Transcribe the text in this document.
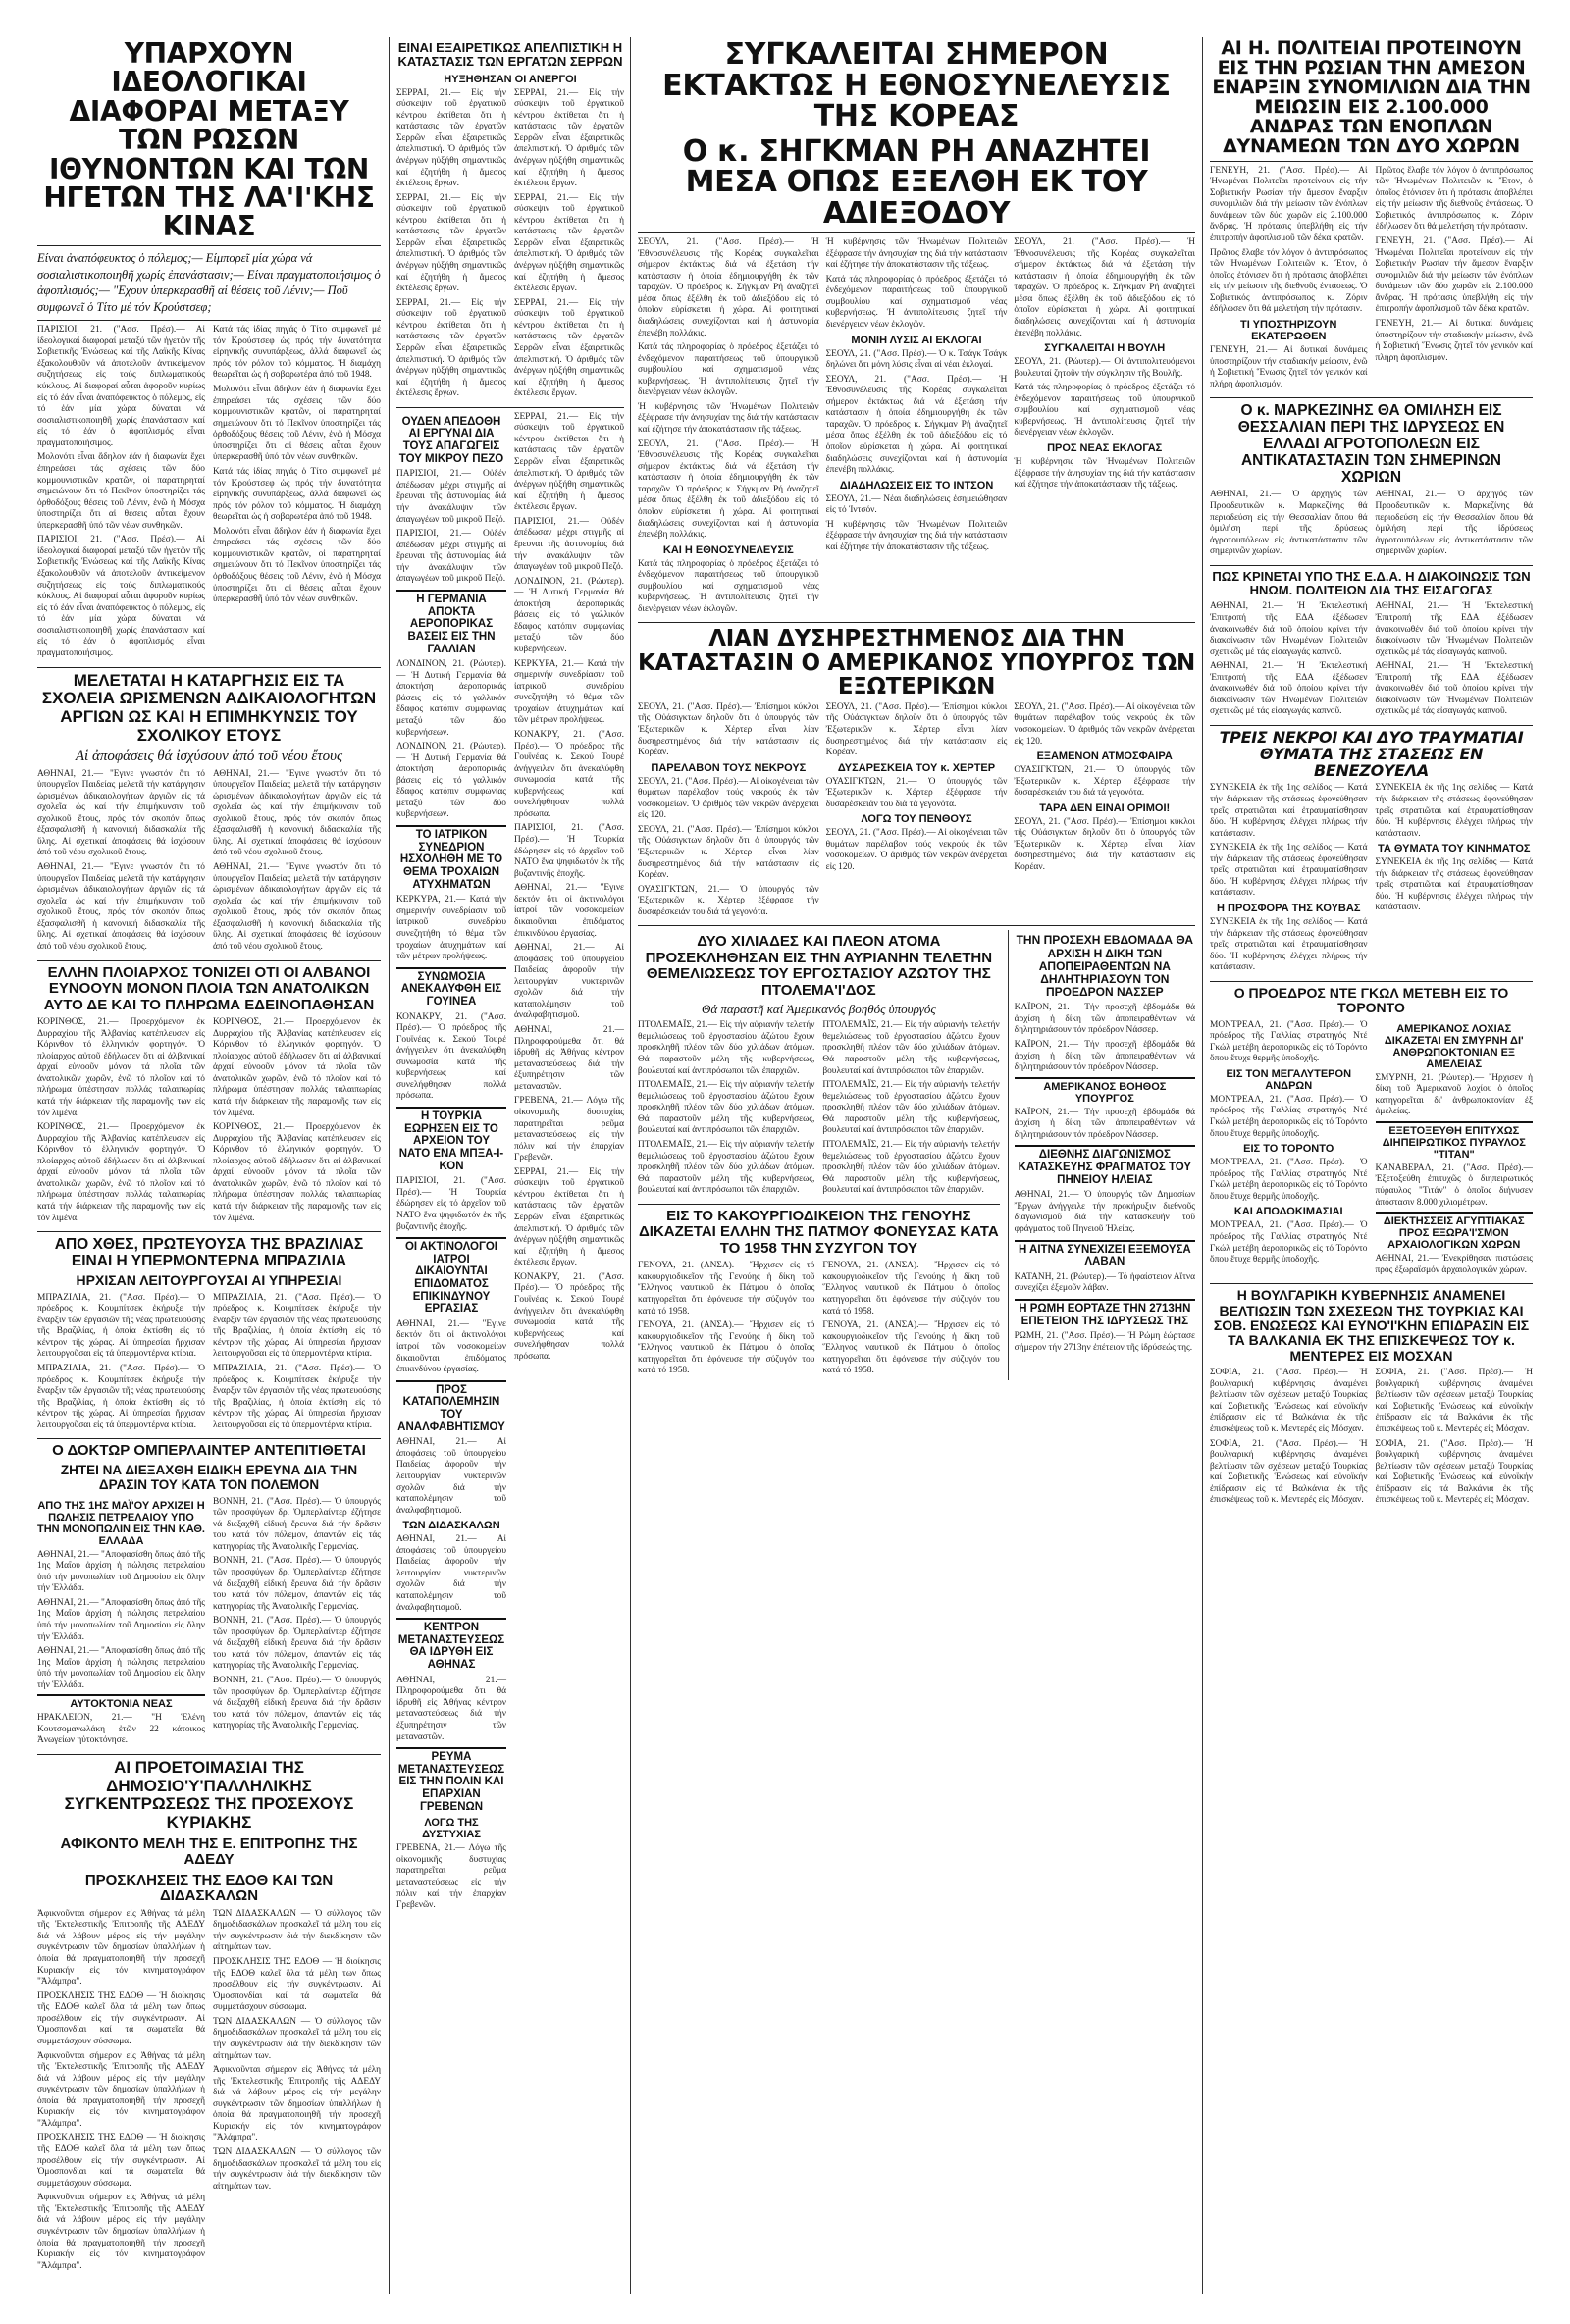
ΥΠΑΡΧΟΥΝ ΙΔΕΟΛΟΓΙΚΑΙ ΔΙΑΦΟΡΑΙ ΜΕΤΑΞΥ ΤΩΝ ΡΩΣΩΝ ΙΘΥΝΟΝΤΩΝ ΚΑΙ ΤΩΝ ΗΓΕΤΩΝ ΤΗΣ ΛΑ'Ι'ΚΗΣ ΚΙΝΑΣ
Είναι ἀναπόφευκτος ὁ πόλεμος;— Είμπορεῖ μία χώρα νά σοσιαλιστικοποιηθῆ χωρίς ἐπανάστασιν;— Είναι πραγματοποιήσιμος ὁ ἀφοπλισμός;— "Εχουν ὑπερκερασθῆ αἱ θέσεις τοῦ Λένιν;— Ποῦ συμφωνεῖ ὁ Τίτο μέ τόν Κρούστσεφ;

ΠΑΡΙΣΙΟΙ, 21. ("Ασσ. Πρέσ).— Αἱ ἰδεολογικαί διαφοραί μεταξύ τῶν ἡγετῶν τῆς Σοβιετικῆς Ἑνώσεως καί τῆς Λαϊκῆς Κίνας ἐξακολουθοῦν νά ἀποτελοῦν ἀντικείμενον συζητήσεως εἰς τούς διπλωματικούς κύκλους. Αἱ διαφοραί αὗται ἀφοροῦν κυρίως εἰς τό ἐάν εἶναι ἀναπόφευκτος ὁ πόλεμος, εἰς τό ἐάν μία χώρα δύναται νά σοσιαλιστικοποιηθῆ χωρίς ἐπανάστασιν καί εἰς τό ἐάν ὁ ἀφοπλισμός εἶναι πραγματοποιήσιμος.

Μολονότι εἶναι ἄδηλον ἐάν ἡ διαφωνία ἔχει ἐπηρεάσει τάς σχέσεις τῶν δύο κομμουνιστικῶν κρατῶν, οἱ παρατηρηταί σημειώνουν ὅτι τό Πεκῖνον ὑποστηρίζει τάς ὀρθοδόξους θέσεις τοῦ Λένιν, ἐνῶ ἡ Μόσχα ὑποστηρίζει ὅτι αἱ θέσεις αὗται ἔχουν ὑπερκερασθῆ ὑπό τῶν νέων συνθηκῶν.

ΠΑΡΙΣΙΟΙ, 21. ("Ασσ. Πρέσ).— Αἱ ἰδεολογικαί διαφοραί μεταξύ τῶν ἡγετῶν τῆς Σοβιετικῆς Ἑνώσεως καί τῆς Λαϊκῆς Κίνας ἐξακολουθοῦν νά ἀποτελοῦν ἀντικείμενον συζητήσεως εἰς τούς διπλωματικούς κύκλους. Αἱ διαφοραί αὗται ἀφοροῦν κυρίως εἰς τό ἐάν εἶναι ἀναπόφευκτος ὁ πόλεμος, εἰς τό ἐάν μία χώρα δύναται νά σοσιαλιστικοποιηθῆ χωρίς ἐπανάστασιν καί εἰς τό ἐάν ὁ ἀφοπλισμός εἶναι πραγματοποιήσιμος.

Κατά τάς ἰδίας πηγάς ὁ Τίτο συμφωνεῖ μέ τόν Κρούστσεφ ὡς πρός τήν δυνατότητα εἰρηνικῆς συνυπάρξεως, ἀλλά διαφωνεῖ ὡς πρός τόν ρόλον τοῦ κόμματος. Ἡ διαμάχη θεωρεῖται ὡς ἡ σοβαρωτέρα ἀπό τοῦ 1948.

Μολονότι εἶναι ἄδηλον ἐάν ἡ διαφωνία ἔχει ἐπηρεάσει τάς σχέσεις τῶν δύο κομμουνιστικῶν κρατῶν, οἱ παρατηρηταί σημειώνουν ὅτι τό Πεκῖνον ὑποστηρίζει τάς ὀρθοδόξους θέσεις τοῦ Λένιν, ἐνῶ ἡ Μόσχα ὑποστηρίζει ὅτι αἱ θέσεις αὗται ἔχουν ὑπερκερασθῆ ὑπό τῶν νέων συνθηκῶν.

Κατά τάς ἰδίας πηγάς ὁ Τίτο συμφωνεῖ μέ τόν Κρούστσεφ ὡς πρός τήν δυνατότητα εἰρηνικῆς συνυπάρξεως, ἀλλά διαφωνεῖ ὡς πρός τόν ρόλον τοῦ κόμματος. Ἡ διαμάχη θεωρεῖται ὡς ἡ σοβαρωτέρα ἀπό τοῦ 1948.

Μολονότι εἶναι ἄδηλον ἐάν ἡ διαφωνία ἔχει ἐπηρεάσει τάς σχέσεις τῶν δύο κομμουνιστικῶν κρατῶν, οἱ παρατηρηταί σημειώνουν ὅτι τό Πεκῖνον ὑποστηρίζει τάς ὀρθοδόξους θέσεις τοῦ Λένιν, ἐνῶ ἡ Μόσχα ὑποστηρίζει ὅτι αἱ θέσεις αὗται ἔχουν ὑπερκερασθῆ ὑπό τῶν νέων συνθηκῶν.

ΜΕΛΕΤΑΤΑΙ Η ΚΑΤΑΡΓΗΣΙΣ ΕΙΣ ΤΑ ΣΧΟΛΕΙΑ ΩΡΙΣΜΕΝΩΝ ΑΔΙΚΑΙΟΛΟΓΗΤΩΝ ΑΡΓΙΩΝ ΩΣ ΚΑΙ Η ΕΠΙΜΗΚΥΝΣΙΣ ΤΟΥ ΣΧΟΛΙΚΟΥ ΕΤΟΥΣ
Αἱ ἀποφάσεις θά ἰσχύσουν ἀπό τοῦ νέου ἔτους

ΑΘΗΝΑΙ, 21.— "Εγινε γνωστόν ὅτι τό ὑπουργεῖον Παιδείας μελετᾶ τήν κατάργησιν ὡρισμένων ἀδικαιολογήτων ἀργιῶν εἰς τά σχολεῖα ὡς καί τήν ἐπιμήκυνσιν τοῦ σχολικοῦ ἔτους, πρός τόν σκοπόν ὅπως ἐξασφαλισθῆ ἡ κανονική διδασκαλία τῆς ὕλης. Αἱ σχετικαί ἀποφάσεις θά ἰσχύσουν ἀπό τοῦ νέου σχολικοῦ ἔτους.

ΑΘΗΝΑΙ, 21.— "Εγινε γνωστόν ὅτι τό ὑπουργεῖον Παιδείας μελετᾶ τήν κατάργησιν ὡρισμένων ἀδικαιολογήτων ἀργιῶν εἰς τά σχολεῖα ὡς καί τήν ἐπιμήκυνσιν τοῦ σχολικοῦ ἔτους, πρός τόν σκοπόν ὅπως ἐξασφαλισθῆ ἡ κανονική διδασκαλία τῆς ὕλης. Αἱ σχετικαί ἀποφάσεις θά ἰσχύσουν ἀπό τοῦ νέου σχολικοῦ ἔτους.

ΑΘΗΝΑΙ, 21.— "Εγινε γνωστόν ὅτι τό ὑπουργεῖον Παιδείας μελετᾶ τήν κατάργησιν ὡρισμένων ἀδικαιολογήτων ἀργιῶν εἰς τά σχολεῖα ὡς καί τήν ἐπιμήκυνσιν τοῦ σχολικοῦ ἔτους, πρός τόν σκοπόν ὅπως ἐξασφαλισθῆ ἡ κανονική διδασκαλία τῆς ὕλης. Αἱ σχετικαί ἀποφάσεις θά ἰσχύσουν ἀπό τοῦ νέου σχολικοῦ ἔτους.

ΑΘΗΝΑΙ, 21.— "Εγινε γνωστόν ὅτι τό ὑπουργεῖον Παιδείας μελετᾶ τήν κατάργησιν ὡρισμένων ἀδικαιολογήτων ἀργιῶν εἰς τά σχολεῖα ὡς καί τήν ἐπιμήκυνσιν τοῦ σχολικοῦ ἔτους, πρός τόν σκοπόν ὅπως ἐξασφαλισθῆ ἡ κανονική διδασκαλία τῆς ὕλης. Αἱ σχετικαί ἀποφάσεις θά ἰσχύσουν ἀπό τοῦ νέου σχολικοῦ ἔτους.

ΕΛΛΗΝ ΠΛΟΙΑΡΧΟΣ ΤΟΝΙΖΕΙ ΟΤΙ ΟΙ ΑΛΒΑΝΟΙ ΕΥΝΟΟΥΝ ΜΟΝΟΝ ΠΛΟΙΑ ΤΩΝ ΑΝΑΤΟΛΙΚΩΝ ΑΥΤΟ ΔΕ ΚΑΙ ΤΟ ΠΛΗΡΩΜΑ ΕΔΕΙΝΟΠΑΘΗΣΑΝ

ΚΟΡΙΝΘΟΣ, 21.— Προερχόμενον ἐκ Δυρραχίου τῆς Ἀλβανίας κατέπλευσεν εἰς Κόρινθον τό ἑλληνικόν φορτηγόν. Ὁ πλοίαρχος αὐτοῦ ἐδήλωσεν ὅτι αἱ ἀλβανικαί ἀρχαί εὐνοοῦν μόνον τά πλοῖα τῶν ἀνατολικῶν χωρῶν, ἐνῶ τό πλοῖον καί τό πλήρωμα ὑπέστησαν πολλάς ταλαιπωρίας κατά τήν διάρκειαν τῆς παραμονῆς των εἰς τόν λιμένα.

ΚΟΡΙΝΘΟΣ, 21.— Προερχόμενον ἐκ Δυρραχίου τῆς Ἀλβανίας κατέπλευσεν εἰς Κόρινθον τό ἑλληνικόν φορτηγόν. Ὁ πλοίαρχος αὐτοῦ ἐδήλωσεν ὅτι αἱ ἀλβανικαί ἀρχαί εὐνοοῦν μόνον τά πλοῖα τῶν ἀνατολικῶν χωρῶν, ἐνῶ τό πλοῖον καί τό πλήρωμα ὑπέστησαν πολλάς ταλαιπωρίας κατά τήν διάρκειαν τῆς παραμονῆς των εἰς τόν λιμένα.

ΚΟΡΙΝΘΟΣ, 21.— Προερχόμενον ἐκ Δυρραχίου τῆς Ἀλβανίας κατέπλευσεν εἰς Κόρινθον τό ἑλληνικόν φορτηγόν. Ὁ πλοίαρχος αὐτοῦ ἐδήλωσεν ὅτι αἱ ἀλβανικαί ἀρχαί εὐνοοῦν μόνον τά πλοῖα τῶν ἀνατολικῶν χωρῶν, ἐνῶ τό πλοῖον καί τό πλήρωμα ὑπέστησαν πολλάς ταλαιπωρίας κατά τήν διάρκειαν τῆς παραμονῆς των εἰς τόν λιμένα.

ΚΟΡΙΝΘΟΣ, 21.— Προερχόμενον ἐκ Δυρραχίου τῆς Ἀλβανίας κατέπλευσεν εἰς Κόρινθον τό ἑλληνικόν φορτηγόν. Ὁ πλοίαρχος αὐτοῦ ἐδήλωσεν ὅτι αἱ ἀλβανικαί ἀρχαί εὐνοοῦν μόνον τά πλοῖα τῶν ἀνατολικῶν χωρῶν, ἐνῶ τό πλοῖον καί τό πλήρωμα ὑπέστησαν πολλάς ταλαιπωρίας κατά τήν διάρκειαν τῆς παραμονῆς των εἰς τόν λιμένα.

ΑΠΟ ΧΘΕΣ, ΠΡΩΤΕΥΟΥΣΑ ΤΗΣ ΒΡΑΖΙΛΙΑΣ ΕΙΝΑΙ Η ΥΠΕΡΜΟΝΤΕΡΝΑ ΜΠΡΑΖΙΛΙΑ
ΗΡΧΙΣΑΝ ΛΕΙΤΟΥΡΓΟΥΣΑΙ ΑΙ ΥΠΗΡΕΣΙΑΙ

ΜΠΡΑΖΙΛΙΑ, 21. ("Ασσ. Πρέσ).— Ὁ πρόεδρος κ. Κουμπίτσεκ ἐκήρυξε τήν ἔναρξιν τῶν ἐργασιῶν τῆς νέας πρωτευούσης τῆς Βραζιλίας, ἡ ὁποία ἐκτίσθη εἰς τό κέντρον τῆς χώρας. Αἱ ὑπηρεσίαι ἤρχισαν λειτουργοῦσαι εἰς τά ὑπερμοντέρνα κτίρια.

ΜΠΡΑΖΙΛΙΑ, 21. ("Ασσ. Πρέσ).— Ὁ πρόεδρος κ. Κουμπίτσεκ ἐκήρυξε τήν ἔναρξιν τῶν ἐργασιῶν τῆς νέας πρωτευούσης τῆς Βραζιλίας, ἡ ὁποία ἐκτίσθη εἰς τό κέντρον τῆς χώρας. Αἱ ὑπηρεσίαι ἤρχισαν λειτουργοῦσαι εἰς τά ὑπερμοντέρνα κτίρια.

ΜΠΡΑΖΙΛΙΑ, 21. ("Ασσ. Πρέσ).— Ὁ πρόεδρος κ. Κουμπίτσεκ ἐκήρυξε τήν ἔναρξιν τῶν ἐργασιῶν τῆς νέας πρωτευούσης τῆς Βραζιλίας, ἡ ὁποία ἐκτίσθη εἰς τό κέντρον τῆς χώρας. Αἱ ὑπηρεσίαι ἤρχισαν λειτουργοῦσαι εἰς τά ὑπερμοντέρνα κτίρια.

ΜΠΡΑΖΙΛΙΑ, 21. ("Ασσ. Πρέσ).— Ὁ πρόεδρος κ. Κουμπίτσεκ ἐκήρυξε τήν ἔναρξιν τῶν ἐργασιῶν τῆς νέας πρωτευούσης τῆς Βραζιλίας, ἡ ὁποία ἐκτίσθη εἰς τό κέντρον τῆς χώρας. Αἱ ὑπηρεσίαι ἤρχισαν λειτουργοῦσαι εἰς τά ὑπερμοντέρνα κτίρια.

Ο ΔΟΚΤΩΡ ΟΜΠΕΡΛΑΙΝΤΕΡ ΑΝΤΕΠΙΤΙΘΕΤΑΙ
ΖΗΤΕΙ ΝΑ ΔΙΕΞΑΧΘΗ ΕΙΔΙΚΗ ΕΡΕΥΝΑ ΔΙΑ ΤΗΝ ΔΡΑΣΙΝ ΤΟΥ ΚΑΤΑ ΤΟΝ ΠΟΛΕΜΟΝ
ΑΠΟ ΤΗΣ 1ΗΣ ΜΑΪ'ΟΥ ΑΡΧΙΖΕΙ Η ΠΩΛΗΣΙΣ ΠΕΤΡΕΛΑΙΟΥ ΥΠΟ ΤΗΝ ΜΟΝΟΠΩΛΙΝ ΕΙΣ ΤΗΝ ΚΑΘ. ΕΛΛΑΔΑ

ΑΘΗΝΑΙ, 21.— "Αποφασίσθη ὅπως ἀπό τῆς 1ης Μαΐου ἀρχίση ἡ πώλησις πετρελαίου ὑπό τήν μονοπωλίαν τοῦ Δημοσίου εἰς ὅλην τήν Ἑλλάδα.

ΑΘΗΝΑΙ, 21.— "Αποφασίσθη ὅπως ἀπό τῆς 1ης Μαΐου ἀρχίση ἡ πώλησις πετρελαίου ὑπό τήν μονοπωλίαν τοῦ Δημοσίου εἰς ὅλην τήν Ἑλλάδα.

ΑΘΗΝΑΙ, 21.— "Αποφασίσθη ὅπως ἀπό τῆς 1ης Μαΐου ἀρχίση ἡ πώλησις πετρελαίου ὑπό τήν μονοπωλίαν τοῦ Δημοσίου εἰς ὅλην τήν Ἑλλάδα.

ΑΥΤΟΚΤΟΝΙΑ ΝΕΑΣ

ΗΡΑΚΛΕΙΟΝ, 21.— "Η Ἑλένη Κουτσομανωλάκη ἐτῶν 22 κάτοικος Ἀνωγείων ηὐτοκτόνησε.

ΒΟΝΝΗ, 21. ("Ασσ. Πρέσ).— Ὁ ὑπουργός τῶν προσφύγων δρ. Ὀμπερλαίντερ ἐζήτησε νά διεξαχθῆ εἰδική ἔρευνα διά τήν δρᾶσιν του κατά τόν πόλεμον, ἀπαντῶν εἰς τάς κατηγορίας τῆς Ἀνατολικῆς Γερμανίας.

ΒΟΝΝΗ, 21. ("Ασσ. Πρέσ).— Ὁ ὑπουργός τῶν προσφύγων δρ. Ὀμπερλαίντερ ἐζήτησε νά διεξαχθῆ εἰδική ἔρευνα διά τήν δρᾶσιν του κατά τόν πόλεμον, ἀπαντῶν εἰς τάς κατηγορίας τῆς Ἀνατολικῆς Γερμανίας.

ΒΟΝΝΗ, 21. ("Ασσ. Πρέσ).— Ὁ ὑπουργός τῶν προσφύγων δρ. Ὀμπερλαίντερ ἐζήτησε νά διεξαχθῆ εἰδική ἔρευνα διά τήν δρᾶσιν του κατά τόν πόλεμον, ἀπαντῶν εἰς τάς κατηγορίας τῆς Ἀνατολικῆς Γερμανίας.

ΒΟΝΝΗ, 21. ("Ασσ. Πρέσ).— Ὁ ὑπουργός τῶν προσφύγων δρ. Ὀμπερλαίντερ ἐζήτησε νά διεξαχθῆ εἰδική ἔρευνα διά τήν δρᾶσιν του κατά τόν πόλεμον, ἀπαντῶν εἰς τάς κατηγορίας τῆς Ἀνατολικῆς Γερμανίας.

ΑΙ ΠΡΟΕΤΟΙΜΑΣΙΑΙ ΤΗΣ ΔΗΜΟΣΙΟ'Υ'ΠΑΛΛΗΛΙΚΗΣ ΣΥΓΚΕΝΤΡΩΣΕΩΣ ΤΗΣ ΠΡΟΣΕΧΟΥΣ ΚΥΡΙΑΚΗΣ
ΑΦΙΚΟΝΤΟ ΜΕΛΗ ΤΗΣ Ε. ΕΠΙΤΡΟΠΗΣ ΤΗΣ ΑΔΕΔΥ
ΠΡΟΣΚΛΗΣΕΙΣ ΤΗΣ ΕΔΟΘ ΚΑΙ ΤΩΝ ΔΙΔΑΣΚΑΛΩΝ

Ἀφικνοῦνται σήμερον εἰς Ἀθήνας τά μέλη τῆς Ἐκτελεστικῆς Ἐπιτροπῆς τῆς ΑΔΕΔΥ διά νά λάβουν μέρος εἰς τήν μεγάλην συγκέντρωσιν τῶν δημοσίων ὑπαλλήλων ἡ ὁποία θά πραγματοποιηθῆ τήν προσεχῆ Κυριακήν εἰς τόν κινηματογράφον "Ἀλάμπρα".

ΠΡΟΣΚΛΗΣΙΣ ΤΗΣ ΕΔΟΘ — Ἡ διοίκησις τῆς ΕΔΟΘ καλεῖ ὅλα τά μέλη των ὅπως προσέλθουν εἰς τήν συγκέντρωσιν. Αἱ Ὁμοσπονδίαι καί τά σωματεῖα θά συμμετάσχουν σύσσωμα.

Ἀφικνοῦνται σήμερον εἰς Ἀθήνας τά μέλη τῆς Ἐκτελεστικῆς Ἐπιτροπῆς τῆς ΑΔΕΔΥ διά νά λάβουν μέρος εἰς τήν μεγάλην συγκέντρωσιν τῶν δημοσίων ὑπαλλήλων ἡ ὁποία θά πραγματοποιηθῆ τήν προσεχῆ Κυριακήν εἰς τόν κινηματογράφον "Ἀλάμπρα".

ΠΡΟΣΚΛΗΣΙΣ ΤΗΣ ΕΔΟΘ — Ἡ διοίκησις τῆς ΕΔΟΘ καλεῖ ὅλα τά μέλη των ὅπως προσέλθουν εἰς τήν συγκέντρωσιν. Αἱ Ὁμοσπονδίαι καί τά σωματεῖα θά συμμετάσχουν σύσσωμα.

Ἀφικνοῦνται σήμερον εἰς Ἀθήνας τά μέλη τῆς Ἐκτελεστικῆς Ἐπιτροπῆς τῆς ΑΔΕΔΥ διά νά λάβουν μέρος εἰς τήν μεγάλην συγκέντρωσιν τῶν δημοσίων ὑπαλλήλων ἡ ὁποία θά πραγματοποιηθῆ τήν προσεχῆ Κυριακήν εἰς τόν κινηματογράφον "Ἀλάμπρα".

ΤΩΝ ΔΙΔΑΣΚΑΛΩΝ — Ὁ σύλλογος τῶν δημοδιδασκάλων προσκαλεῖ τά μέλη του εἰς τήν συγκέντρωσιν διά τήν διεκδίκησιν τῶν αἰτημάτων των.

ΠΡΟΣΚΛΗΣΙΣ ΤΗΣ ΕΔΟΘ — Ἡ διοίκησις τῆς ΕΔΟΘ καλεῖ ὅλα τά μέλη των ὅπως προσέλθουν εἰς τήν συγκέντρωσιν. Αἱ Ὁμοσπονδίαι καί τά σωματεῖα θά συμμετάσχουν σύσσωμα.

ΤΩΝ ΔΙΔΑΣΚΑΛΩΝ — Ὁ σύλλογος τῶν δημοδιδασκάλων προσκαλεῖ τά μέλη του εἰς τήν συγκέντρωσιν διά τήν διεκδίκησιν τῶν αἰτημάτων των.

Ἀφικνοῦνται σήμερον εἰς Ἀθήνας τά μέλη τῆς Ἐκτελεστικῆς Ἐπιτροπῆς τῆς ΑΔΕΔΥ διά νά λάβουν μέρος εἰς τήν μεγάλην συγκέντρωσιν τῶν δημοσίων ὑπαλλήλων ἡ ὁποία θά πραγματοποιηθῆ τήν προσεχῆ Κυριακήν εἰς τόν κινηματογράφον "Ἀλάμπρα".

ΤΩΝ ΔΙΔΑΣΚΑΛΩΝ — Ὁ σύλλογος τῶν δημοδιδασκάλων προσκαλεῖ τά μέλη του εἰς τήν συγκέντρωσιν διά τήν διεκδίκησιν τῶν αἰτημάτων των.

ΕΙΝΑΙ ΕΞΑΙΡΕΤΙΚΩΣ ΑΠΕΛΠΙΣΤΙΚΗ Η ΚΑΤΑΣΤΑΣΙΣ ΤΩΝ ΕΡΓΑΤΩΝ ΣΕΡΡΩΝ
ΗΥΞΗΘΗΣΑΝ ΟΙ ΑΝΕΡΓΟΙ

ΣΕΡΡΑΙ, 21.— Εἰς τήν σύσκεψιν τοῦ ἐργατικοῦ κέντρου ἐκτίθεται ὅτι ἡ κατάστασις τῶν ἐργατῶν Σερρῶν εἶναι ἐξαιρετικῶς ἀπελπιστική. Ὁ ἀριθμός τῶν ἀνέργων ηὐξήθη σημαντικῶς καί ἐζητήθη ἡ ἄμεσος ἐκτέλεσις ἔργων.

ΣΕΡΡΑΙ, 21.— Εἰς τήν σύσκεψιν τοῦ ἐργατικοῦ κέντρου ἐκτίθεται ὅτι ἡ κατάστασις τῶν ἐργατῶν Σερρῶν εἶναι ἐξαιρετικῶς ἀπελπιστική. Ὁ ἀριθμός τῶν ἀνέργων ηὐξήθη σημαντικῶς καί ἐζητήθη ἡ ἄμεσος ἐκτέλεσις ἔργων.

ΣΕΡΡΑΙ, 21.— Εἰς τήν σύσκεψιν τοῦ ἐργατικοῦ κέντρου ἐκτίθεται ὅτι ἡ κατάστασις τῶν ἐργατῶν Σερρῶν εἶναι ἐξαιρετικῶς ἀπελπιστική. Ὁ ἀριθμός τῶν ἀνέργων ηὐξήθη σημαντικῶς καί ἐζητήθη ἡ ἄμεσος ἐκτέλεσις ἔργων.

ΣΕΡΡΑΙ, 21.— Εἰς τήν σύσκεψιν τοῦ ἐργατικοῦ κέντρου ἐκτίθεται ὅτι ἡ κατάστασις τῶν ἐργατῶν Σερρῶν εἶναι ἐξαιρετικῶς ἀπελπιστική. Ὁ ἀριθμός τῶν ἀνέργων ηὐξήθη σημαντικῶς καί ἐζητήθη ἡ ἄμεσος ἐκτέλεσις ἔργων.

ΣΕΡΡΑΙ, 21.— Εἰς τήν σύσκεψιν τοῦ ἐργατικοῦ κέντρου ἐκτίθεται ὅτι ἡ κατάστασις τῶν ἐργατῶν Σερρῶν εἶναι ἐξαιρετικῶς ἀπελπιστική. Ὁ ἀριθμός τῶν ἀνέργων ηὐξήθη σημαντικῶς καί ἐζητήθη ἡ ἄμεσος ἐκτέλεσις ἔργων.

ΣΕΡΡΑΙ, 21.— Εἰς τήν σύσκεψιν τοῦ ἐργατικοῦ κέντρου ἐκτίθεται ὅτι ἡ κατάστασις τῶν ἐργατῶν Σερρῶν εἶναι ἐξαιρετικῶς ἀπελπιστική. Ὁ ἀριθμός τῶν ἀνέργων ηὐξήθη σημαντικῶς καί ἐζητήθη ἡ ἄμεσος ἐκτέλεσις ἔργων.

ΟΥΔΕΝ ΑΠΕΔΟΘΗ ΑΙ ΕΡΓΥΝΑΙ ΔΙΑ ΤΟΥΣ ΑΠΑΓΩΓΕΙΣ ΤΟΥ ΜΙΚΡΟΥ ΠΕΖΟ

ΠΑΡΙΣΙΟΙ, 21.— Οὐδέν ἀπέδωσαν μέχρι στιγμῆς αἱ ἔρευναι τῆς ἀστυνομίας διά τήν ἀνακάλυψιν τῶν ἀπαγωγέων τοῦ μικροῦ Πεζό.

ΠΑΡΙΣΙΟΙ, 21.— Οὐδέν ἀπέδωσαν μέχρι στιγμῆς αἱ ἔρευναι τῆς ἀστυνομίας διά τήν ἀνακάλυψιν τῶν ἀπαγωγέων τοῦ μικροῦ Πεζό.

Η ΓΕΡΜΑΝΙΑ ΑΠΟΚΤΑ ΑΕΡΟΠΟΡΙΚΑΣ ΒΑΣΕΙΣ ΕΙΣ ΤΗΝ ΓΑΛΛΙΑΝ

ΛΟΝΔΙΝΟΝ, 21. (Ρώυτερ).— Ἡ Δυτική Γερμανία θά ἀποκτήση ἀεροπορικάς βάσεις εἰς τό γαλλικόν ἔδαφος κατόπιν συμφωνίας μεταξύ τῶν δύο κυβερνήσεων.

ΛΟΝΔΙΝΟΝ, 21. (Ρώυτερ).— Ἡ Δυτική Γερμανία θά ἀποκτήση ἀεροπορικάς βάσεις εἰς τό γαλλικόν ἔδαφος κατόπιν συμφωνίας μεταξύ τῶν δύο κυβερνήσεων.

ΤΟ ΙΑΤΡΙΚΟΝ ΣΥΝΕΔΡΙΟΝ ΗΣΧΟΛΗΘΗ ΜΕ ΤΟ ΘΕΜΑ ΤΡΟΧΑΙΩΝ ΑΤΥΧΗΜΑΤΩΝ

ΚΕΡΚΥΡΑ, 21.— Κατά τήν σημερινήν συνεδρίασιν τοῦ ἰατρικοῦ συνεδρίου συνεζητήθη τό θέμα τῶν τροχαίων ἀτυχημάτων καί τῶν μέτρων προλήψεως.

ΣΥΝΩΜΟΣΙΑ ΑΝΕΚΑΛΥΦΘΗ ΕΙΣ ΓΟΥΙΝΕΑ

ΚΟΝΑΚΡΥ, 21. ("Ασσ. Πρέσ).— Ὁ πρόεδρος τῆς Γουϊνέας κ. Σεκού Τουρέ ἀνήγγειλεν ὅτι ἀνεκαλύφθη συνωμοσία κατά τῆς κυβερνήσεως καί συνελήφθησαν πολλά πρόσωπα.

Η ΤΟΥΡΚΙΑ ΕΩΡΗΣΕΝ ΕΙΣ ΤΟ ΑΡΧΕΙΟΝ ΤΟΥ ΝΑΤΟ ΕΝΑ ΜΠΞΑ-Ι-ΚΟΝ

ΠΑΡΙΣΙΟΙ, 21. ("Ασσ. Πρέσ).— Ἡ Τουρκία ἐδώρησεν εἰς τό ἀρχεῖον τοῦ ΝΑΤΟ ἕνα ψηφιδωτόν ἐκ τῆς βυζαντινῆς ἐποχῆς.

ΟΙ ΑΚΤΙΝΟΛΟΓΟΙ ΙΑΤΡΟΙ ΔΙΚΑΙΟΥΝΤΑΙ ΕΠΙΔΟΜΑΤΟΣ ΕΠΙΚΙΝΔΥΝΟΥ ΕΡΓΑΣΙΑΣ

ΑΘΗΝΑΙ, 21.— "Εγινε δεκτόν ὅτι οἱ ἀκτινολόγοι ἰατροί τῶν νοσοκομείων δικαιοῦνται ἐπιδόματος ἐπικινδύνου ἐργασίας.

ΠΡΟΣ ΚΑΤΑΠΟΛΕΜΗΣΙΝ ΤΟΥ ΑΝΑΛΦΑΒΗΤΙΣΜΟΥ

ΑΘΗΝΑΙ, 21.— Αἱ ἀποφάσεις τοῦ ὑπουργείου Παιδείας ἀφοροῦν τήν λειτουργίαν νυκτερινῶν σχολῶν διά τήν καταπολέμησιν τοῦ ἀναλφαβητισμοῦ.

ΤΩΝ ΔΙΔΑΣΚΑΛΩΝ

ΑΘΗΝΑΙ, 21.— Αἱ ἀποφάσεις τοῦ ὑπουργείου Παιδείας ἀφοροῦν τήν λειτουργίαν νυκτερινῶν σχολῶν διά τήν καταπολέμησιν τοῦ ἀναλφαβητισμοῦ.

ΚΕΝΤΡΟΝ ΜΕΤΑΝΑΣΤΕΥΣΕΩΣ ΘΑ ΙΔΡΥΘΗ ΕΙΣ ΑΘΗΝΑΣ

ΑΘΗΝΑΙ, 21.— Πληροφορούμεθα ὅτι θά ἱδρυθῆ εἰς Ἀθήνας κέντρον μεταναστεύσεως διά τήν ἐξυπηρέτησιν τῶν μεταναστῶν.

ΡΕΥΜΑ ΜΕΤΑΝΑΣΤΕΥΣΕΩΣ ΕΙΣ ΤΗΝ ΠΟΛΙΝ ΚΑΙ ΕΠΑΡΧΙΑΝ ΓΡΕΒΕΝΩΝ
ΛΟΓΩ ΤΗΣ ΔΥΣΤΥΧΙΑΣ

ΓΡΕΒΕΝΑ, 21.— Λόγω τῆς οἰκονομικῆς δυστυχίας παρατηρεῖται ρεῦμα μεταναστεύσεως εἰς τήν πόλιν καί τήν ἐπαρχίαν Γρεβενῶν.

ΣΕΡΡΑΙ, 21.— Εἰς τήν σύσκεψιν τοῦ ἐργατικοῦ κέντρου ἐκτίθεται ὅτι ἡ κατάστασις τῶν ἐργατῶν Σερρῶν εἶναι ἐξαιρετικῶς ἀπελπιστική. Ὁ ἀριθμός τῶν ἀνέργων ηὐξήθη σημαντικῶς καί ἐζητήθη ἡ ἄμεσος ἐκτέλεσις ἔργων.

ΠΑΡΙΣΙΟΙ, 21.— Οὐδέν ἀπέδωσαν μέχρι στιγμῆς αἱ ἔρευναι τῆς ἀστυνομίας διά τήν ἀνακάλυψιν τῶν ἀπαγωγέων τοῦ μικροῦ Πεζό.

ΛΟΝΔΙΝΟΝ, 21. (Ρώυτερ).— Ἡ Δυτική Γερμανία θά ἀποκτήση ἀεροπορικάς βάσεις εἰς τό γαλλικόν ἔδαφος κατόπιν συμφωνίας μεταξύ τῶν δύο κυβερνήσεων.

ΚΕΡΚΥΡΑ, 21.— Κατά τήν σημερινήν συνεδρίασιν τοῦ ἰατρικοῦ συνεδρίου συνεζητήθη τό θέμα τῶν τροχαίων ἀτυχημάτων καί τῶν μέτρων προλήψεως.

ΚΟΝΑΚΡΥ, 21. ("Ασσ. Πρέσ).— Ὁ πρόεδρος τῆς Γουϊνέας κ. Σεκού Τουρέ ἀνήγγειλεν ὅτι ἀνεκαλύφθη συνωμοσία κατά τῆς κυβερνήσεως καί συνελήφθησαν πολλά πρόσωπα.

ΠΑΡΙΣΙΟΙ, 21. ("Ασσ. Πρέσ).— Ἡ Τουρκία ἐδώρησεν εἰς τό ἀρχεῖον τοῦ ΝΑΤΟ ἕνα ψηφιδωτόν ἐκ τῆς βυζαντινῆς ἐποχῆς.

ΑΘΗΝΑΙ, 21.— "Εγινε δεκτόν ὅτι οἱ ἀκτινολόγοι ἰατροί τῶν νοσοκομείων δικαιοῦνται ἐπιδόματος ἐπικινδύνου ἐργασίας.

ΑΘΗΝΑΙ, 21.— Αἱ ἀποφάσεις τοῦ ὑπουργείου Παιδείας ἀφοροῦν τήν λειτουργίαν νυκτερινῶν σχολῶν διά τήν καταπολέμησιν τοῦ ἀναλφαβητισμοῦ.

ΑΘΗΝΑΙ, 21.— Πληροφορούμεθα ὅτι θά ἱδρυθῆ εἰς Ἀθήνας κέντρον μεταναστεύσεως διά τήν ἐξυπηρέτησιν τῶν μεταναστῶν.

ΓΡΕΒΕΝΑ, 21.— Λόγω τῆς οἰκονομικῆς δυστυχίας παρατηρεῖται ρεῦμα μεταναστεύσεως εἰς τήν πόλιν καί τήν ἐπαρχίαν Γρεβενῶν.

ΣΕΡΡΑΙ, 21.— Εἰς τήν σύσκεψιν τοῦ ἐργατικοῦ κέντρου ἐκτίθεται ὅτι ἡ κατάστασις τῶν ἐργατῶν Σερρῶν εἶναι ἐξαιρετικῶς ἀπελπιστική. Ὁ ἀριθμός τῶν ἀνέργων ηὐξήθη σημαντικῶς καί ἐζητήθη ἡ ἄμεσος ἐκτέλεσις ἔργων.

ΚΟΝΑΚΡΥ, 21. ("Ασσ. Πρέσ).— Ὁ πρόεδρος τῆς Γουϊνέας κ. Σεκού Τουρέ ἀνήγγειλεν ὅτι ἀνεκαλύφθη συνωμοσία κατά τῆς κυβερνήσεως καί συνελήφθησαν πολλά πρόσωπα.

ΣΥΓΚΑΛΕΙΤΑΙ ΣΗΜΕΡΟΝ ΕΚΤΑΚΤΩΣ Η ΕΘΝΟΣΥΝΕΛΕΥΣΙΣ ΤΗΣ ΚΟΡΕΑΣ
Ο κ. ΣΗΓΚΜΑΝ ΡΗ ΑΝΑΖΗΤΕΙ ΜΕΣΑ ΟΠΩΣ ΕΞΕΛΘΗ ΕΚ ΤΟΥ ΑΔΙΕΞΟΔΟΥ

ΣΕΟΥΛ, 21. ("Ασσ. Πρέσ).— Ἡ Ἐθνοσυνέλευσις τῆς Κορέας συγκαλεῖται σήμερον ἐκτάκτως διά νά ἐξετάση τήν κατάστασιν ἡ ὁποία ἐδημιουργήθη ἐκ τῶν ταραχῶν. Ὁ πρόεδρος κ. Σήγκμαν Ρή ἀναζητεῖ μέσα ὅπως ἐξέλθη ἐκ τοῦ ἀδιεξόδου εἰς τό ὁποῖον εὑρίσκεται ἡ χώρα. Αἱ φοιτητικαί διαδηλώσεις συνεχίζονται καί ἡ ἀστυνομία ἐπενέβη πολλάκις.

Κατά τάς πληροφορίας ὁ πρόεδρος ἐξετάζει τό ἐνδεχόμενον παραιτήσεως τοῦ ὑπουργικοῦ συμβουλίου καί σχηματισμοῦ νέας κυβερνήσεως. Ἡ ἀντιπολίτευσις ζητεῖ τήν διενέργειαν νέων ἐκλογῶν.

Ἡ κυβέρνησις τῶν Ἡνωμένων Πολιτειῶν ἐξέφρασε τήν ἀνησυχίαν της διά τήν κατάστασιν καί ἐζήτησε τήν ἀποκατάστασιν τῆς τάξεως.

ΣΕΟΥΛ, 21. ("Ασσ. Πρέσ).— Ἡ Ἐθνοσυνέλευσις τῆς Κορέας συγκαλεῖται σήμερον ἐκτάκτως διά νά ἐξετάση τήν κατάστασιν ἡ ὁποία ἐδημιουργήθη ἐκ τῶν ταραχῶν. Ὁ πρόεδρος κ. Σήγκμαν Ρή ἀναζητεῖ μέσα ὅπως ἐξέλθη ἐκ τοῦ ἀδιεξόδου εἰς τό ὁποῖον εὑρίσκεται ἡ χώρα. Αἱ φοιτητικαί διαδηλώσεις συνεχίζονται καί ἡ ἀστυνομία ἐπενέβη πολλάκις.

ΚΑΙ Η ΕΘΝΟΣΥΝΕΛΕΥΣΙΣ

Κατά τάς πληροφορίας ὁ πρόεδρος ἐξετάζει τό ἐνδεχόμενον παραιτήσεως τοῦ ὑπουργικοῦ συμβουλίου καί σχηματισμοῦ νέας κυβερνήσεως. Ἡ ἀντιπολίτευσις ζητεῖ τήν διενέργειαν νέων ἐκλογῶν.

Ἡ κυβέρνησις τῶν Ἡνωμένων Πολιτειῶν ἐξέφρασε τήν ἀνησυχίαν της διά τήν κατάστασιν καί ἐζήτησε τήν ἀποκατάστασιν τῆς τάξεως.

Κατά τάς πληροφορίας ὁ πρόεδρος ἐξετάζει τό ἐνδεχόμενον παραιτήσεως τοῦ ὑπουργικοῦ συμβουλίου καί σχηματισμοῦ νέας κυβερνήσεως. Ἡ ἀντιπολίτευσις ζητεῖ τήν διενέργειαν νέων ἐκλογῶν.

ΜΟΝΙΗ ΛΥΣΙΣ ΑΙ ΕΚΛΟΓΑΙ

ΣΕΟΥΛ, 21. ("Ασσ. Πρέσ).— Ὁ κ. Τσάγκ Τσάγκ δηλώνει ὅτι μόνη λύσις εἶναι αἱ νέαι ἐκλογαί.

ΣΕΟΥΛ, 21. ("Ασσ. Πρέσ).— Ἡ Ἐθνοσυνέλευσις τῆς Κορέας συγκαλεῖται σήμερον ἐκτάκτως διά νά ἐξετάση τήν κατάστασιν ἡ ὁποία ἐδημιουργήθη ἐκ τῶν ταραχῶν. Ὁ πρόεδρος κ. Σήγκμαν Ρή ἀναζητεῖ μέσα ὅπως ἐξέλθη ἐκ τοῦ ἀδιεξόδου εἰς τό ὁποῖον εὑρίσκεται ἡ χώρα. Αἱ φοιτητικαί διαδηλώσεις συνεχίζονται καί ἡ ἀστυνομία ἐπενέβη πολλάκις.

ΔΙΑΔΗΛΩΣΕΙΣ ΕΙΣ ΤΟ ΙΝΤΣΟΝ

ΣΕΟΥΛ, 21.— Νέαι διαδηλώσεις ἐσημειώθησαν εἰς τό Ἰντσόν.

Ἡ κυβέρνησις τῶν Ἡνωμένων Πολιτειῶν ἐξέφρασε τήν ἀνησυχίαν της διά τήν κατάστασιν καί ἐζήτησε τήν ἀποκατάστασιν τῆς τάξεως.

ΣΕΟΥΛ, 21. ("Ασσ. Πρέσ).— Ἡ Ἐθνοσυνέλευσις τῆς Κορέας συγκαλεῖται σήμερον ἐκτάκτως διά νά ἐξετάση τήν κατάστασιν ἡ ὁποία ἐδημιουργήθη ἐκ τῶν ταραχῶν. Ὁ πρόεδρος κ. Σήγκμαν Ρή ἀναζητεῖ μέσα ὅπως ἐξέλθη ἐκ τοῦ ἀδιεξόδου εἰς τό ὁποῖον εὑρίσκεται ἡ χώρα. Αἱ φοιτητικαί διαδηλώσεις συνεχίζονται καί ἡ ἀστυνομία ἐπενέβη πολλάκις.

ΣΥΓΚΑΛΕΙΤΑΙ Η ΒΟΥΛΗ

ΣΕΟΥΛ, 21. (Ρώυτερ).— Οἱ ἀντιπολιτευόμενοι βουλευταί ζητοῦν τήν σύγκλησιν τῆς Βουλῆς.

Κατά τάς πληροφορίας ὁ πρόεδρος ἐξετάζει τό ἐνδεχόμενον παραιτήσεως τοῦ ὑπουργικοῦ συμβουλίου καί σχηματισμοῦ νέας κυβερνήσεως. Ἡ ἀντιπολίτευσις ζητεῖ τήν διενέργειαν νέων ἐκλογῶν.

ΠΡΟΣ ΝΕΑΣ ΕΚΛΟΓΑΣ

Ἡ κυβέρνησις τῶν Ἡνωμένων Πολιτειῶν ἐξέφρασε τήν ἀνησυχίαν της διά τήν κατάστασιν καί ἐζήτησε τήν ἀποκατάστασιν τῆς τάξεως.

ΛΙΑΝ ΔΥΣΗΡΕΣΤΗΜΕΝΟΣ ΔΙΑ ΤΗΝ ΚΑΤΑΣΤΑΣΙΝ Ο ΑΜΕΡΙΚΑΝΟΣ ΥΠΟΥΡΓΟΣ ΤΩΝ ΕΞΩΤΕΡΙΚΩΝ

ΣΕΟΥΛ, 21. ("Ασσ. Πρέσ).— Ἐπίσημοι κύκλοι τῆς Οὐάσιγκτων δηλοῦν ὅτι ὁ ὑπουργός τῶν Ἐξωτερικῶν κ. Χέρτερ εἶναι λίαν δυσηρεστημένος διά τήν κατάστασιν εἰς Κορέαν.

ΠΑΡΕΛΑΒΟΝ ΤΟΥΣ ΝΕΚΡΟΥΣ

ΣΕΟΥΛ, 21. ("Ασσ. Πρέσ).— Αἱ οἰκογένειαι τῶν θυμάτων παρέλαβον τούς νεκρούς ἐκ τῶν νοσοκομείων. Ὁ ἀριθμός τῶν νεκρῶν ἀνέρχεται εἰς 120.

ΣΕΟΥΛ, 21. ("Ασσ. Πρέσ).— Ἐπίσημοι κύκλοι τῆς Οὐάσιγκτων δηλοῦν ὅτι ὁ ὑπουργός τῶν Ἐξωτερικῶν κ. Χέρτερ εἶναι λίαν δυσηρεστημένος διά τήν κατάστασιν εἰς Κορέαν.

ΟΥΑΣΙΓΚΤΩΝ, 21.— Ὁ ὑπουργός τῶν Ἐξωτερικῶν κ. Χέρτερ ἐξέφρασε τήν δυσαρέσκειάν του διά τά γεγονότα.

ΣΕΟΥΛ, 21. ("Ασσ. Πρέσ).— Ἐπίσημοι κύκλοι τῆς Οὐάσιγκτων δηλοῦν ὅτι ὁ ὑπουργός τῶν Ἐξωτερικῶν κ. Χέρτερ εἶναι λίαν δυσηρεστημένος διά τήν κατάστασιν εἰς Κορέαν.

ΔΥΣΑΡΕΣΚΕΙΑ ΤΟΥ κ. ΧΕΡΤΕΡ

ΟΥΑΣΙΓΚΤΩΝ, 21.— Ὁ ὑπουργός τῶν Ἐξωτερικῶν κ. Χέρτερ ἐξέφρασε τήν δυσαρέσκειάν του διά τά γεγονότα.

ΛΟΓΩ ΤΟΥ ΠΕΝΘΟΥΣ

ΣΕΟΥΛ, 21. ("Ασσ. Πρέσ).— Αἱ οἰκογένειαι τῶν θυμάτων παρέλαβον τούς νεκρούς ἐκ τῶν νοσοκομείων. Ὁ ἀριθμός τῶν νεκρῶν ἀνέρχεται εἰς 120.

ΣΕΟΥΛ, 21. ("Ασσ. Πρέσ).— Αἱ οἰκογένειαι τῶν θυμάτων παρέλαβον τούς νεκρούς ἐκ τῶν νοσοκομείων. Ὁ ἀριθμός τῶν νεκρῶν ἀνέρχεται εἰς 120.

ΕΞΑΜΕΝΟΝ ΑΤΜΟΣΦΑΙΡΑ

ΟΥΑΣΙΓΚΤΩΝ, 21.— Ὁ ὑπουργός τῶν Ἐξωτερικῶν κ. Χέρτερ ἐξέφρασε τήν δυσαρέσκειάν του διά τά γεγονότα.

ΤΑΡΑ ΔΕΝ ΕΙΝΑΙ ΟΡΙΜΟΙ!

ΣΕΟΥΛ, 21. ("Ασσ. Πρέσ).— Ἐπίσημοι κύκλοι τῆς Οὐάσιγκτων δηλοῦν ὅτι ὁ ὑπουργός τῶν Ἐξωτερικῶν κ. Χέρτερ εἶναι λίαν δυσηρεστημένος διά τήν κατάστασιν εἰς Κορέαν.

ΔΥΟ ΧΙΛΙΑΔΕΣ ΚΑΙ ΠΛΕΟΝ ΑΤΟΜΑ ΠΡΟΣΕΚΛΗΘΗΣΑΝ ΕΙΣ ΤΗΝ ΑΥΡΙΑΝΗΝ ΤΕΛΕΤΗΝ ΘΕΜΕΛΙΩΣΕΩΣ ΤΟΥ ΕΡΓΟΣΤΑΣΙΟΥ ΑΖΩΤΟΥ ΤΗΣ ΠΤΟΛΕΜΑ'Ι'ΔΟΣ
Θά παραστῆ καί Ἀμερικανός βοηθός ὑπουργός

ΠΤΟΛΕΜΑΪΣ, 21.— Εἰς τήν αὐριανήν τελετήν θεμελιώσεως τοῦ ἐργοστασίου ἀζώτου ἔχουν προσκληθῆ πλέον τῶν δύο χιλιάδων ἀτόμων. Θά παραστοῦν μέλη τῆς κυβερνήσεως, βουλευταί καί ἀντιπρόσωποι τῶν ἐπαρχιῶν.

ΠΤΟΛΕΜΑΪΣ, 21.— Εἰς τήν αὐριανήν τελετήν θεμελιώσεως τοῦ ἐργοστασίου ἀζώτου ἔχουν προσκληθῆ πλέον τῶν δύο χιλιάδων ἀτόμων. Θά παραστοῦν μέλη τῆς κυβερνήσεως, βουλευταί καί ἀντιπρόσωποι τῶν ἐπαρχιῶν.

ΠΤΟΛΕΜΑΪΣ, 21.— Εἰς τήν αὐριανήν τελετήν θεμελιώσεως τοῦ ἐργοστασίου ἀζώτου ἔχουν προσκληθῆ πλέον τῶν δύο χιλιάδων ἀτόμων. Θά παραστοῦν μέλη τῆς κυβερνήσεως, βουλευταί καί ἀντιπρόσωποι τῶν ἐπαρχιῶν.

ΠΤΟΛΕΜΑΪΣ, 21.— Εἰς τήν αὐριανήν τελετήν θεμελιώσεως τοῦ ἐργοστασίου ἀζώτου ἔχουν προσκληθῆ πλέον τῶν δύο χιλιάδων ἀτόμων. Θά παραστοῦν μέλη τῆς κυβερνήσεως, βουλευταί καί ἀντιπρόσωποι τῶν ἐπαρχιῶν.

ΠΤΟΛΕΜΑΪΣ, 21.— Εἰς τήν αὐριανήν τελετήν θεμελιώσεως τοῦ ἐργοστασίου ἀζώτου ἔχουν προσκληθῆ πλέον τῶν δύο χιλιάδων ἀτόμων. Θά παραστοῦν μέλη τῆς κυβερνήσεως, βουλευταί καί ἀντιπρόσωποι τῶν ἐπαρχιῶν.

ΠΤΟΛΕΜΑΪΣ, 21.— Εἰς τήν αὐριανήν τελετήν θεμελιώσεως τοῦ ἐργοστασίου ἀζώτου ἔχουν προσκληθῆ πλέον τῶν δύο χιλιάδων ἀτόμων. Θά παραστοῦν μέλη τῆς κυβερνήσεως, βουλευταί καί ἀντιπρόσωποι τῶν ἐπαρχιῶν.

ΕΙΣ ΤΟ ΚΑΚΟΥΡΓΙΟΔΙΚΕΙΟΝ ΤΗΣ ΓΕΝΟΥΗΣ ΔΙΚΑΖΕΤΑΙ ΕΛΛΗΝ ΤΗΣ ΠΑΤΜΟΥ ΦΟΝΕΥΣΑΣ ΚΑΤΑ ΤΟ 1958 ΤΗΝ ΣΥΖΥΓΟΝ ΤΟΥ

ΓΕΝΟΥΑ, 21. (ΑΝΣΑ).— Ἤρχισεν εἰς τό κακουργιοδικεῖον τῆς Γενούης ἡ δίκη τοῦ Ἕλληνος ναυτικοῦ ἐκ Πάτμου ὁ ὁποῖος κατηγορεῖται ὅτι ἐφόνευσε τήν σύζυγόν του κατά τό 1958.

ΓΕΝΟΥΑ, 21. (ΑΝΣΑ).— Ἤρχισεν εἰς τό κακουργιοδικεῖον τῆς Γενούης ἡ δίκη τοῦ Ἕλληνος ναυτικοῦ ἐκ Πάτμου ὁ ὁποῖος κατηγορεῖται ὅτι ἐφόνευσε τήν σύζυγόν του κατά τό 1958.

ΓΕΝΟΥΑ, 21. (ΑΝΣΑ).— Ἤρχισεν εἰς τό κακουργιοδικεῖον τῆς Γενούης ἡ δίκη τοῦ Ἕλληνος ναυτικοῦ ἐκ Πάτμου ὁ ὁποῖος κατηγορεῖται ὅτι ἐφόνευσε τήν σύζυγόν του κατά τό 1958.

ΓΕΝΟΥΑ, 21. (ΑΝΣΑ).— Ἤρχισεν εἰς τό κακουργιοδικεῖον τῆς Γενούης ἡ δίκη τοῦ Ἕλληνος ναυτικοῦ ἐκ Πάτμου ὁ ὁποῖος κατηγορεῖται ὅτι ἐφόνευσε τήν σύζυγόν του κατά τό 1958.

ΤΗΝ ΠΡΟΣΕΧΗ ΕΒΔΟΜΑΔΑ ΘΑ ΑΡΧΙΣΗ Η ΔΙΚΗ ΤΩΝ ΑΠΟΠΕΙΡΑΘΕΝΤΩΝ ΝΑ ΔΗΛΗΤΗΡΙΑΣΟΥΝ ΤΟΝ ΠΡΟΕΔΡΟΝ ΝΑΣΣΕΡ

ΚΑΪΡΟΝ, 21.— Τήν προσεχῆ ἑβδομάδα θά ἀρχίση ἡ δίκη τῶν ἀποπειραθέντων νά δηλητηριάσουν τόν πρόεδρον Νάσσερ.

ΚΑΪΡΟΝ, 21.— Τήν προσεχῆ ἑβδομάδα θά ἀρχίση ἡ δίκη τῶν ἀποπειραθέντων νά δηλητηριάσουν τόν πρόεδρον Νάσσερ.

ΑΜΕΡΙΚΑΝΟΣ ΒΟΗΘΟΣ ΥΠΟΥΡΓΟΣ

ΚΑΪΡΟΝ, 21.— Τήν προσεχῆ ἑβδομάδα θά ἀρχίση ἡ δίκη τῶν ἀποπειραθέντων νά δηλητηριάσουν τόν πρόεδρον Νάσσερ.

ΔΙΕΘΝΗΣ ΔΙΑΓΩΝΙΣΜΟΣ ΚΑΤΑΣΚΕΥΗΣ ΦΡΑΓΜΑΤΟΣ ΤΟΥ ΠΗΝΕΙΟΥ ΗΛΕΙΑΣ

ΑΘΗΝΑΙ, 21.— Ὁ ὑπουργός τῶν Δημοσίων Ἔργων ἀνήγγειλε τήν προκήρυξιν διεθνοῦς διαγωνισμοῦ διά τήν κατασκευήν τοῦ φράγματος τοῦ Πηνειοῦ Ἠλείας.

Η ΑΙΤΝΑ ΣΥΝΕΧΙΖΕΙ ΕΞΕΜΟΥΣΑ ΛΑΒΑΝ

ΚΑΤΑΝΗ, 21. (Ρώυτερ).— Τό ἡφαίστειον Αἴτνα συνεχίζει ἐξεμοῦν λάβαν.

Η ΡΩΜΗ ΕΟΡΤΑΖΕ ΤΗΝ 2713ΗΝ ΕΠΕΤΕΙΟΝ ΤΗΣ ΙΔΡΥΣΕΩΣ ΤΗΣ

ΡΩΜΗ, 21. ("Ασσ. Πρέσ).— Ἡ Ρώμη ἑώρτασε σήμερον τήν 2713ην ἐπέτειον τῆς ἱδρύσεώς της.

ΑΙ Η. ΠΟΛΙΤΕΙΑΙ ΠΡΟΤΕΙΝΟΥΝ ΕΙΣ ΤΗΝ ΡΩΣΙΑΝ ΤΗΝ ΑΜΕΣΟΝ ΕΝΑΡΞΙΝ ΣΥΝΟΜΙΛΙΩΝ ΔΙΑ ΤΗΝ ΜΕΙΩΣΙΝ ΕΙΣ 2.100.000 ΑΝΔΡΑΣ ΤΩΝ ΕΝΟΠΛΩΝ ΔΥΝΑΜΕΩΝ ΤΩΝ ΔΥΟ ΧΩΡΩΝ

ΓΕΝΕΥΗ, 21. ("Ασσ. Πρέσ).— Αἱ Ἡνωμέναι Πολιτεῖαι προτείνουν εἰς τήν Σοβιετικήν Ρωσίαν τήν ἄμεσον ἔναρξιν συνομιλιῶν διά τήν μείωσιν τῶν ἐνόπλων δυνάμεων τῶν δύο χωρῶν εἰς 2.100.000 ἄνδρας. Ἡ πρότασις ὑπεβλήθη εἰς τήν ἐπιτροπήν ἀφοπλισμοῦ τῶν δέκα κρατῶν.

Πρῶτος ἔλαβε τόν λόγον ὁ ἀντιπρόσωπος τῶν Ἡνωμένων Πολιτειῶν κ. Ἔτον, ὁ ὁποῖος ἐτόνισεν ὅτι ἡ πρότασις ἀποβλέπει εἰς τήν μείωσιν τῆς διεθνοῦς ἐντάσεως. Ὁ Σοβιετικός ἀντιπρόσωπος κ. Ζόριν ἐδήλωσεν ὅτι θά μελετήση τήν πρότασιν.

ΤΙ ΥΠΟΣΤΗΡΙΖΟΥΝ ΕΚΑΤΕΡΩΘΕΝ

ΓΕΝΕΥΗ, 21.— Αἱ δυτικαί δυνάμεις ὑποστηρίζουν τήν σταδιακήν μείωσιν, ἐνῶ ἡ Σοβιετική Ἕνωσις ζητεῖ τόν γενικόν καί πλήρη ἀφοπλισμόν.

Πρῶτος ἔλαβε τόν λόγον ὁ ἀντιπρόσωπος τῶν Ἡνωμένων Πολιτειῶν κ. Ἔτον, ὁ ὁποῖος ἐτόνισεν ὅτι ἡ πρότασις ἀποβλέπει εἰς τήν μείωσιν τῆς διεθνοῦς ἐντάσεως. Ὁ Σοβιετικός ἀντιπρόσωπος κ. Ζόριν ἐδήλωσεν ὅτι θά μελετήση τήν πρότασιν.

ΓΕΝΕΥΗ, 21. ("Ασσ. Πρέσ).— Αἱ Ἡνωμέναι Πολιτεῖαι προτείνουν εἰς τήν Σοβιετικήν Ρωσίαν τήν ἄμεσον ἔναρξιν συνομιλιῶν διά τήν μείωσιν τῶν ἐνόπλων δυνάμεων τῶν δύο χωρῶν εἰς 2.100.000 ἄνδρας. Ἡ πρότασις ὑπεβλήθη εἰς τήν ἐπιτροπήν ἀφοπλισμοῦ τῶν δέκα κρατῶν.

ΓΕΝΕΥΗ, 21.— Αἱ δυτικαί δυνάμεις ὑποστηρίζουν τήν σταδιακήν μείωσιν, ἐνῶ ἡ Σοβιετική Ἕνωσις ζητεῖ τόν γενικόν καί πλήρη ἀφοπλισμόν.

Ο κ. ΜΑΡΚΕΖΙΝΗΣ ΘΑ ΟΜΙΛΗΣΗ ΕΙΣ ΘΕΣΣΑΛΙΑΝ ΠΕΡΙ ΤΗΣ ΙΔΡΥΣΕΩΣ ΕΝ ΕΛΛΑΔΙ ΑΓΡΟΤΟΠΟΛΕΩΝ ΕΙΣ ΑΝΤΙΚΑΤΑΣΤΑΣΙΝ ΤΩΝ ΣΗΜΕΡΙΝΩΝ ΧΩΡΙΩΝ

ΑΘΗΝΑΙ, 21.— Ὁ ἀρχηγός τῶν Προοδευτικῶν κ. Μαρκεζίνης θά περιοδεύση εἰς τήν Θεσσαλίαν ὅπου θά ὁμιλήση περί τῆς ἱδρύσεως ἀγροτουπόλεων εἰς ἀντικατάστασιν τῶν σημερινῶν χωρίων.

ΑΘΗΝΑΙ, 21.— Ὁ ἀρχηγός τῶν Προοδευτικῶν κ. Μαρκεζίνης θά περιοδεύση εἰς τήν Θεσσαλίαν ὅπου θά ὁμιλήση περί τῆς ἱδρύσεως ἀγροτουπόλεων εἰς ἀντικατάστασιν τῶν σημερινῶν χωρίων.

ΠΩΣ ΚΡΙΝΕΤΑΙ ΥΠΟ ΤΗΣ Ε.Δ.Α. Η ΔΙΑΚΟΙΝΩΣΙΣ ΤΩΝ ΗΝΩΜ. ΠΟΛΙΤΕΙΩΝ ΔΙΑ ΤΗΣ ΕΙΣΑΓΩΓΑΣ

ΑΘΗΝΑΙ, 21.— Ἡ Ἐκτελεστική Ἐπιτροπή τῆς ΕΔΑ ἐξέδωσεν ἀνακοινωθέν διά τοῦ ὁποίου κρίνει τήν διακοίνωσιν τῶν Ἡνωμένων Πολιτειῶν σχετικῶς μέ τάς εἰσαγωγάς καπνοῦ.

ΑΘΗΝΑΙ, 21.— Ἡ Ἐκτελεστική Ἐπιτροπή τῆς ΕΔΑ ἐξέδωσεν ἀνακοινωθέν διά τοῦ ὁποίου κρίνει τήν διακοίνωσιν τῶν Ἡνωμένων Πολιτειῶν σχετικῶς μέ τάς εἰσαγωγάς καπνοῦ.

ΑΘΗΝΑΙ, 21.— Ἡ Ἐκτελεστική Ἐπιτροπή τῆς ΕΔΑ ἐξέδωσεν ἀνακοινωθέν διά τοῦ ὁποίου κρίνει τήν διακοίνωσιν τῶν Ἡνωμένων Πολιτειῶν σχετικῶς μέ τάς εἰσαγωγάς καπνοῦ.

ΑΘΗΝΑΙ, 21.— Ἡ Ἐκτελεστική Ἐπιτροπή τῆς ΕΔΑ ἐξέδωσεν ἀνακοινωθέν διά τοῦ ὁποίου κρίνει τήν διακοίνωσιν τῶν Ἡνωμένων Πολιτειῶν σχετικῶς μέ τάς εἰσαγωγάς καπνοῦ.

ΤΡΕΙΣ ΝΕΚΡΟΙ ΚΑΙ ΔΥΟ ΤΡΑΥΜΑΤΙΑΙ ΘΥΜΑΤΑ ΤΗΣ ΣΤΑΣΕΩΣ ΕΝ ΒΕΝΕΖΟΥΕΛΑ

ΣΥΝΕΚΕΙΑ ἐκ τῆς 1ης σελίδος — Κατά τήν διάρκειαν τῆς στάσεως ἐφονεύθησαν τρεῖς στρατιῶται καί ἐτραυματίσθησαν δύο. Ἡ κυβέρνησις ἐλέγχει πλήρως τήν κατάστασιν.

ΣΥΝΕΚΕΙΑ ἐκ τῆς 1ης σελίδος — Κατά τήν διάρκειαν τῆς στάσεως ἐφονεύθησαν τρεῖς στρατιῶται καί ἐτραυματίσθησαν δύο. Ἡ κυβέρνησις ἐλέγχει πλήρως τήν κατάστασιν.

Η ΠΡΟΣΦΟΡΑ ΤΗΣ ΚΟΥΒΑΣ

ΣΥΝΕΚΕΙΑ ἐκ τῆς 1ης σελίδος — Κατά τήν διάρκειαν τῆς στάσεως ἐφονεύθησαν τρεῖς στρατιῶται καί ἐτραυματίσθησαν δύο. Ἡ κυβέρνησις ἐλέγχει πλήρως τήν κατάστασιν.

ΣΥΝΕΚΕΙΑ ἐκ τῆς 1ης σελίδος — Κατά τήν διάρκειαν τῆς στάσεως ἐφονεύθησαν τρεῖς στρατιῶται καί ἐτραυματίσθησαν δύο. Ἡ κυβέρνησις ἐλέγχει πλήρως τήν κατάστασιν.

ΤΑ ΘΥΜΑΤΑ ΤΟΥ ΚΙΝΗΜΑΤΟΣ

ΣΥΝΕΚΕΙΑ ἐκ τῆς 1ης σελίδος — Κατά τήν διάρκειαν τῆς στάσεως ἐφονεύθησαν τρεῖς στρατιῶται καί ἐτραυματίσθησαν δύο. Ἡ κυβέρνησις ἐλέγχει πλήρως τήν κατάστασιν.

Ο ΠΡΟΕΔΡΟΣ ΝΤΕ ΓΚΩΛ ΜΕΤΕΒΗ ΕΙΣ ΤΟ ΤΟΡΟΝΤΟ

ΜΟΝΤΡΕΑΛ, 21. ("Ασσ. Πρέσ).— Ὁ πρόεδρος τῆς Γαλλίας στρατηγός Ντέ Γκώλ μετέβη ἀεροπορικῶς εἰς τό Τορόντο ὅπου ἔτυχε θερμῆς ὑποδοχῆς.

ΕΙΣ ΤΟΝ ΜΕΓΑΛΥΤΕΡΟΝ ΑΝΔΡΩΝ

ΜΟΝΤΡΕΑΛ, 21. ("Ασσ. Πρέσ).— Ὁ πρόεδρος τῆς Γαλλίας στρατηγός Ντέ Γκώλ μετέβη ἀεροπορικῶς εἰς τό Τορόντο ὅπου ἔτυχε θερμῆς ὑποδοχῆς.

ΕΙΣ ΤΟ ΤΟΡΟΝΤΟ

ΜΟΝΤΡΕΑΛ, 21. ("Ασσ. Πρέσ).— Ὁ πρόεδρος τῆς Γαλλίας στρατηγός Ντέ Γκώλ μετέβη ἀεροπορικῶς εἰς τό Τορόντο ὅπου ἔτυχε θερμῆς ὑποδοχῆς.

ΚΑΙ ΑΠΟΔΟΚΙΜΑΣΙΑΙ

ΜΟΝΤΡΕΑΛ, 21. ("Ασσ. Πρέσ).— Ὁ πρόεδρος τῆς Γαλλίας στρατηγός Ντέ Γκώλ μετέβη ἀεροπορικῶς εἰς τό Τορόντο ὅπου ἔτυχε θερμῆς ὑποδοχῆς.

ΑΜΕΡΙΚΑΝΟΣ ΛΟΧΙΑΣ ΔΙΚΑΖΕΤΑΙ ΕΝ ΣΜΥΡΝΗ ΔΙ' ΑΝΘΡΩΠΟΚΤΟΝΙΑΝ ΕΞ ΑΜΕΛΕΙΑΣ

ΣΜΥΡΝΗ, 21. (Ρώυτερ).— Ἤρχισεν ἡ δίκη τοῦ Ἀμερικανοῦ λοχίου ὁ ὁποῖος κατηγορεῖται δι' ἀνθρωποκτονίαν ἐξ ἀμελείας.

ΕΞΕΤΟΞΕΥΘΗ ΕΠΙΤΥΧΩΣ ΔΙΗΠΕΙΡΩΤΙΚΟΣ ΠΥΡΑΥΛΟΣ "ΤΙΤΑΝ"

ΚΑΝΑΒΕΡΑΛ, 21. ("Ασσ. Πρέσ).— Ἐξετοξεύθη ἐπιτυχῶς ὁ διηπειρωτικός πύραυλος "Τιτάν" ὁ ὁποῖος διήνυσεν ἀπόστασιν 8.000 χιλιομέτρων.

ΔΙΕΚΤΗΣΣΕΙΣ ΑΓΥΠΤΙΑΚΑΣ ΠΡΟΣ ΕΞΩΡΑ'Ι'ΣΜΟΝ ΑΡΧΑΙΟΛΟΓΙΚΩΝ ΧΩΡΩΝ

ΑΘΗΝΑΙ, 21.— Ἐνεκρίθησαν πιστώσεις πρός ἐξωραϊσμόν ἀρχαιολογικῶν χώρων.

Η ΒΟΥΛΓΑΡΙΚΗ ΚΥΒΕΡΝΗΣΙΣ ΑΝΑΜΕΝΕΙ ΒΕΛΤΙΩΣΙΝ ΤΩΝ ΣΧΕΣΕΩΝ ΤΗΣ ΤΟΥΡΚΙΑΣ ΚΑΙ ΣΟΒ. ΕΝΩΣΕΩΣ ΚΑΙ ΕΥΝΟ'Ι'ΚΗΝ ΕΠΙΔΡΑΣΙΝ ΕΙΣ ΤΑ ΒΑΛΚΑΝΙΑ ΕΚ ΤΗΣ ΕΠΙΣΚΕΨΕΩΣ ΤΟΥ κ. ΜΕΝΤΕΡΕΣ ΕΙΣ ΜΟΣΧΑΝ

ΣΟΦΙΑ, 21. ("Ασσ. Πρέσ).— Ἡ βουλγαρική κυβέρνησις ἀναμένει βελτίωσιν τῶν σχέσεων μεταξύ Τουρκίας καί Σοβιετικῆς Ἑνώσεως καί εὐνοϊκήν ἐπίδρασιν εἰς τά Βαλκάνια ἐκ τῆς ἐπισκέψεως τοῦ κ. Μεντερές εἰς Μόσχαν.

ΣΟΦΙΑ, 21. ("Ασσ. Πρέσ).— Ἡ βουλγαρική κυβέρνησις ἀναμένει βελτίωσιν τῶν σχέσεων μεταξύ Τουρκίας καί Σοβιετικῆς Ἑνώσεως καί εὐνοϊκήν ἐπίδρασιν εἰς τά Βαλκάνια ἐκ τῆς ἐπισκέψεως τοῦ κ. Μεντερές εἰς Μόσχαν.

ΣΟΦΙΑ, 21. ("Ασσ. Πρέσ).— Ἡ βουλγαρική κυβέρνησις ἀναμένει βελτίωσιν τῶν σχέσεων μεταξύ Τουρκίας καί Σοβιετικῆς Ἑνώσεως καί εὐνοϊκήν ἐπίδρασιν εἰς τά Βαλκάνια ἐκ τῆς ἐπισκέψεως τοῦ κ. Μεντερές εἰς Μόσχαν.

ΣΟΦΙΑ, 21. ("Ασσ. Πρέσ).— Ἡ βουλγαρική κυβέρνησις ἀναμένει βελτίωσιν τῶν σχέσεων μεταξύ Τουρκίας καί Σοβιετικῆς Ἑνώσεως καί εὐνοϊκήν ἐπίδρασιν εἰς τά Βαλκάνια ἐκ τῆς ἐπισκέψεως τοῦ κ. Μεντερές εἰς Μόσχαν.
